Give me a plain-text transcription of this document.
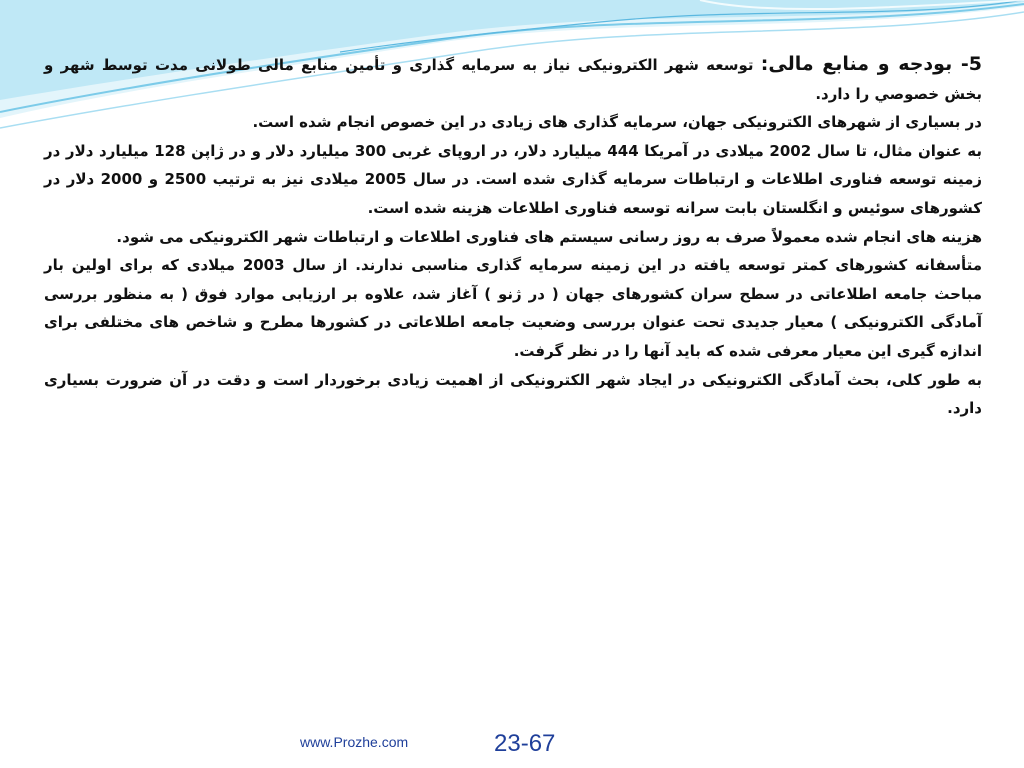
5- بودجه و منابع مالی: توسعه شهر الکترونیکی نیاز به سرمایه گذاری و تأمین منابع مالی طولانی مدت توسط شهر و بخش خصوصي را دارد.

در بسیاری از شهرهای الکترونیکی جهان، سرمایه گذاری های زیادی در این خصوص انجام شده است.

به عنوان مثال، تا سال 2002 میلادی در آمریکا 444 میلیارد دلار، در اروپای غربی 300 میلیارد دلار و در ژاپن 128 میلیارد دلار در زمینه توسعه فناوری اطلاعات و ارتباطات سرمایه گذاری شده است. در سال 2005 میلادی نیز به ترتیب 2500 و 2000 دلار در کشورهای سوئیس و انگلستان بابت سرانه توسعه فناوری اطلاعات هزینه شده است.

هزینه های انجام شده معمولاً صرف به روز رسانی سیستم های فناوری اطلاعات و ارتباطات شهر الکترونیکی می شود.

متأسفانه کشورهای کمتر توسعه یافته در این زمینه سرمایه گذاری مناسبی ندارند. از سال 2003 میلادی که برای اولین بار مباحث جامعه اطلاعاتی در سطح سران کشورهای جهان ( در ژنو ) آغاز شد، علاوه بر ارزیابی موارد فوق ( به منظور بررسی آمادگی الکترونیکی ) معیار جدیدی تحت عنوان بررسی وضعیت جامعه اطلاعاتی در کشورها مطرح و شاخص های مختلفی برای اندازه گیری این معیار معرفی شده که باید آنها را در نظر گرفت.

به طور کلی، بحث آمادگی الکترونیکی در ایجاد شهر الکترونیکی از اهمیت زیادی برخوردار است و دقت در آن ضرورت بسیاری دارد.

www.Prozhe.com	23-67
